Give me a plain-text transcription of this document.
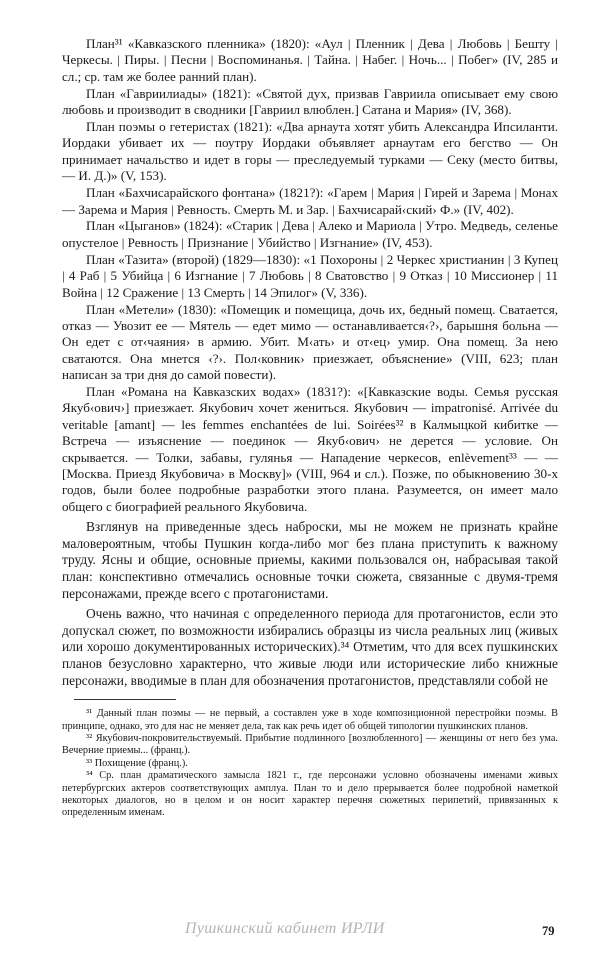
План³¹ «Кавказского пленника» (1820): «Аул | Пленник | Дева | Любовь | Бешту | Черкесы. | Пиры. | Песни | Воспоминанья. | Тайна. | Набег. | Ночь... | Побег» (IV, 285 и сл.; ср. там же более ранний план).

План «Гавриилиады» (1821): «Святой дух, призвав Гавриила описывает ему свою любовь и производит в сводники [Гавриил влюблен.] Сатана и Мария» (IV, 368).

План поэмы о гетеристах (1821): «Два арнаута хотят убить Александра Ипсиланти. Иордаки убивает их — поутру Иордаки объявляет арнаутам его бегство — Он принимает начальство и идет в горы — преследуемый турками — Секу (место битвы, — И. Д.)» (V, 153).

План «Бахчисарайского фонтана» (1821?): «Гарем | Мария | Гирей и Зарема | Монах — Зарема и Мария | Ревность. Смерть М. и Зар. | Бахчисарай‹ский› Ф.» (IV, 402).

План «Цыганов» (1824): «Старик | Дева | Алеко и Мариола | Утро. Медведь, селенье опустелое | Ревность | Признание | Убийство | Изгнание» (IV, 453).

План «Тазита» (второй) (1829—1830): «1 Похороны | 2 Черкес христианин | 3 Купец | 4 Раб | 5 Убийца | 6 Изгнание | 7 Любовь | 8 Сватовство | 9 Отказ | 10 Миссионер | 11 Война | 12 Сражение | 13 Смерть | 14 Эпилог» (V, 336).

План «Метели» (1830): «Помещик и помещица, дочь их, бедный помещ. Сватается, отказ — Увозит ее — Мятель — едет мимо — останавливается‹?›, барышня больна — Он едет с от‹чаяния› в армию. Убит. М‹ать› и от‹ец› умир. Она помещ. За нею сватаются. Она мнется ‹?›. Пол‹ковник› приезжает, объяснение» (VIII, 623; план написан за три дня до самой повести).

План «Романа на Кавказских водах» (1831?): «[Кавказские воды. Семья русская Якуб‹ович›] приезжает. Якубович хочет жениться. Якубович — impatronisé. Arrivée du veritable [amant] — les femmes enchantées de lui. Soirées³² в Калмыцкой кибитке — Встреча — изъяснение — поединок — Якуб‹ович› не дерется — условие. Он скрывается. — Толки, забавы, гулянья — Нападение черкесов, enlèvement³³ — — [Москва. Приезд Якубовича› в Москву]» (VIII, 964 и сл.). Позже, по обыкновению 30-х годов, были более подробные разработки этого плана. Разумеется, он имеет мало общего с биографией реального Якубовича.

Взглянув на приведенные здесь наброски, мы не можем не признать крайне маловероятным, чтобы Пушкин когда-либо мог без плана приступить к важному труду. Ясны и общие, основные приемы, какими пользовался он, набрасывая такой план: конспективно отмечались основные точки сюжета, связанные с двумя-тремя персонажами, прежде всего с протагонистами.

Очень важно, что начиная с определенного периода для протагонистов, если это допускал сюжет, по возможности избирались образцы из числа реальных лиц (живых или хорошо документированных исторических).³⁴ Отметим, что для всех пушкинских планов безусловно характерно, что живые люди или исторические либо книжные персонажи, вводимые в план для обозначения протагонистов, представляли собой не

³¹ Данный план поэмы — не первый, а составлен уже в ходе композиционной перестройки поэмы. В принципе, однако, это для нас не меняет дела, так как речь идет об общей типологии пушкинских планов.

³² Якубович-покровительствуемый. Прибытие подлинного [возлюбленного] — женщины от него без ума. Вечерние приемы... (франц.).

³³ Похищение (франц.).

³⁴ Ср. план драматического замысла 1821 г., где персонажи условно обозначены именами живых петербургских актеров соответствующих амплуа. План то и дело прерывается более подробной наметкой некоторых диалогов, но в целом и он носит характер перечня сюжетных перипетий, привязанных к определенным именам.

Пушкинский кабинет ИРЛИ	79
